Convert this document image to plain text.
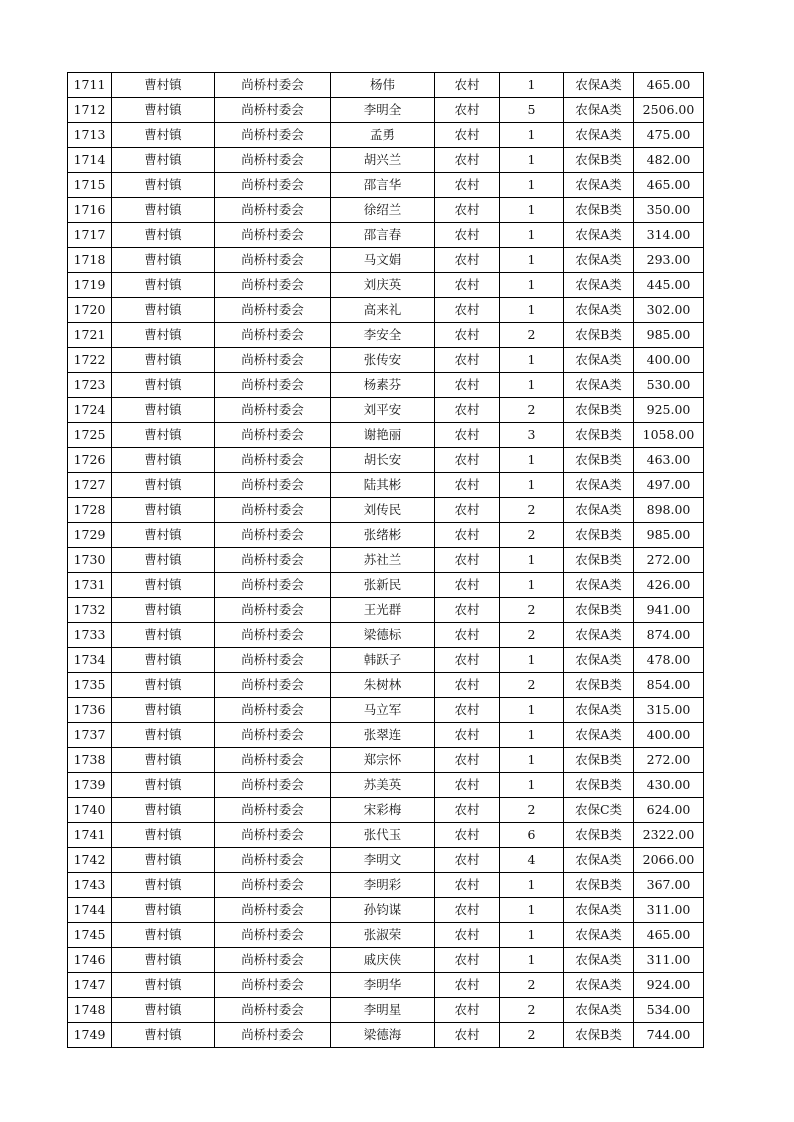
1711	曹村镇	尚桥村委会	杨伟	农村	1	农保A类	465.00
1712	曹村镇	尚桥村委会	李明全	农村	5	农保A类	2506.00
1713	曹村镇	尚桥村委会	孟勇	农村	1	农保A类	475.00
1714	曹村镇	尚桥村委会	胡兴兰	农村	1	农保B类	482.00
1715	曹村镇	尚桥村委会	邵言华	农村	1	农保A类	465.00
1716	曹村镇	尚桥村委会	徐绍兰	农村	1	农保B类	350.00
1717	曹村镇	尚桥村委会	邵言春	农村	1	农保A类	314.00
1718	曹村镇	尚桥村委会	马文娟	农村	1	农保A类	293.00
1719	曹村镇	尚桥村委会	刘庆英	农村	1	农保A类	445.00
1720	曹村镇	尚桥村委会	高来礼	农村	1	农保A类	302.00
1721	曹村镇	尚桥村委会	李安全	农村	2	农保B类	985.00
1722	曹村镇	尚桥村委会	张传安	农村	1	农保A类	400.00
1723	曹村镇	尚桥村委会	杨素芬	农村	1	农保A类	530.00
1724	曹村镇	尚桥村委会	刘平安	农村	2	农保B类	925.00
1725	曹村镇	尚桥村委会	谢艳丽	农村	3	农保B类	1058.00
1726	曹村镇	尚桥村委会	胡长安	农村	1	农保B类	463.00
1727	曹村镇	尚桥村委会	陆其彬	农村	1	农保A类	497.00
1728	曹村镇	尚桥村委会	刘传民	农村	2	农保A类	898.00
1729	曹村镇	尚桥村委会	张绪彬	农村	2	农保B类	985.00
1730	曹村镇	尚桥村委会	苏社兰	农村	1	农保B类	272.00
1731	曹村镇	尚桥村委会	张新民	农村	1	农保A类	426.00
1732	曹村镇	尚桥村委会	王光群	农村	2	农保B类	941.00
1733	曹村镇	尚桥村委会	梁德标	农村	2	农保A类	874.00
1734	曹村镇	尚桥村委会	韩跃子	农村	1	农保A类	478.00
1735	曹村镇	尚桥村委会	朱树林	农村	2	农保B类	854.00
1736	曹村镇	尚桥村委会	马立军	农村	1	农保A类	315.00
1737	曹村镇	尚桥村委会	张翠连	农村	1	农保A类	400.00
1738	曹村镇	尚桥村委会	郑宗怀	农村	1	农保B类	272.00
1739	曹村镇	尚桥村委会	苏美英	农村	1	农保B类	430.00
1740	曹村镇	尚桥村委会	宋彩梅	农村	2	农保C类	624.00
1741	曹村镇	尚桥村委会	张代玉	农村	6	农保B类	2322.00
1742	曹村镇	尚桥村委会	李明文	农村	4	农保A类	2066.00
1743	曹村镇	尚桥村委会	李明彩	农村	1	农保B类	367.00
1744	曹村镇	尚桥村委会	孙钧谋	农村	1	农保A类	311.00
1745	曹村镇	尚桥村委会	张淑荣	农村	1	农保A类	465.00
1746	曹村镇	尚桥村委会	戚庆侠	农村	1	农保A类	311.00
1747	曹村镇	尚桥村委会	李明华	农村	2	农保A类	924.00
1748	曹村镇	尚桥村委会	李明星	农村	2	农保A类	534.00
1749	曹村镇	尚桥村委会	梁德海	农村	2	农保B类	744.00
